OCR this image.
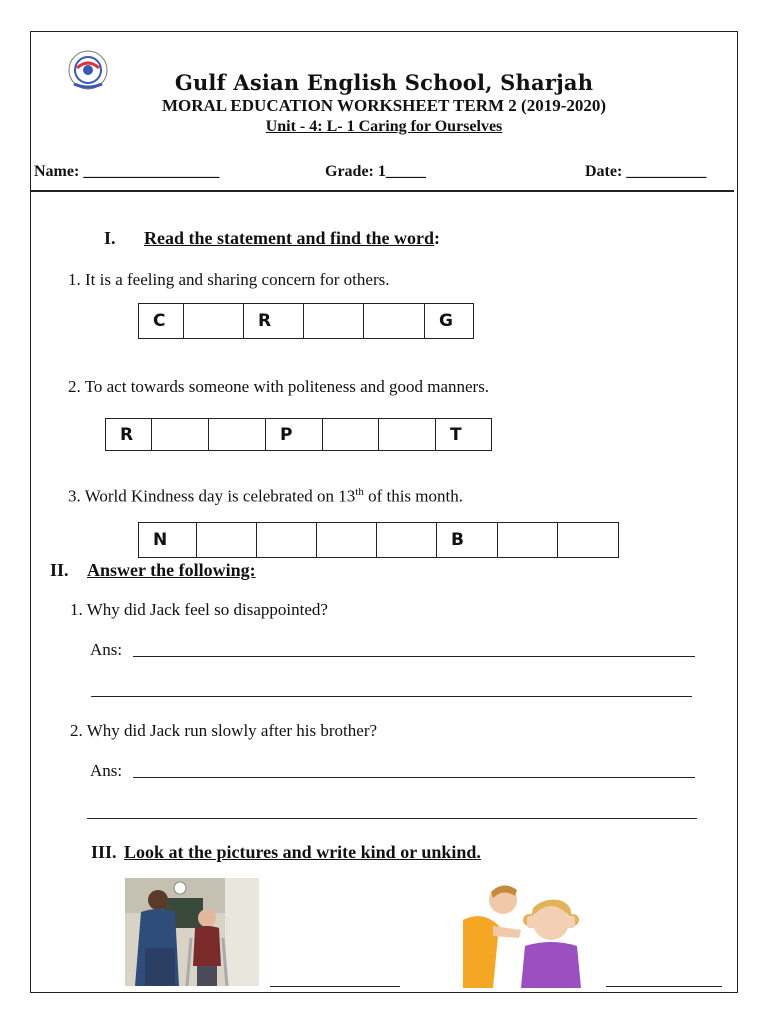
Gulf Asian English School, Sharjah
MORAL EDUCATION WORKSHEET TERM 2 (2019-2020)
Unit - 4: L- 1 Caring for Ourselves
Name: _________________	Grade: 1_____	Date: __________
I. Read the statement and find the word:
1. It is a feeling and sharing concern for others.
C	R	G
2. To act towards someone with politeness and good manners.
R	P	T
3. World Kindness day is celebrated on 13th of this month.
N	B
II. Answer the following:
1. Why did Jack feel so disappointed?
Ans:
2. Why did Jack run slowly after his brother?
Ans:
III. Look at the pictures and write kind or unkind.
